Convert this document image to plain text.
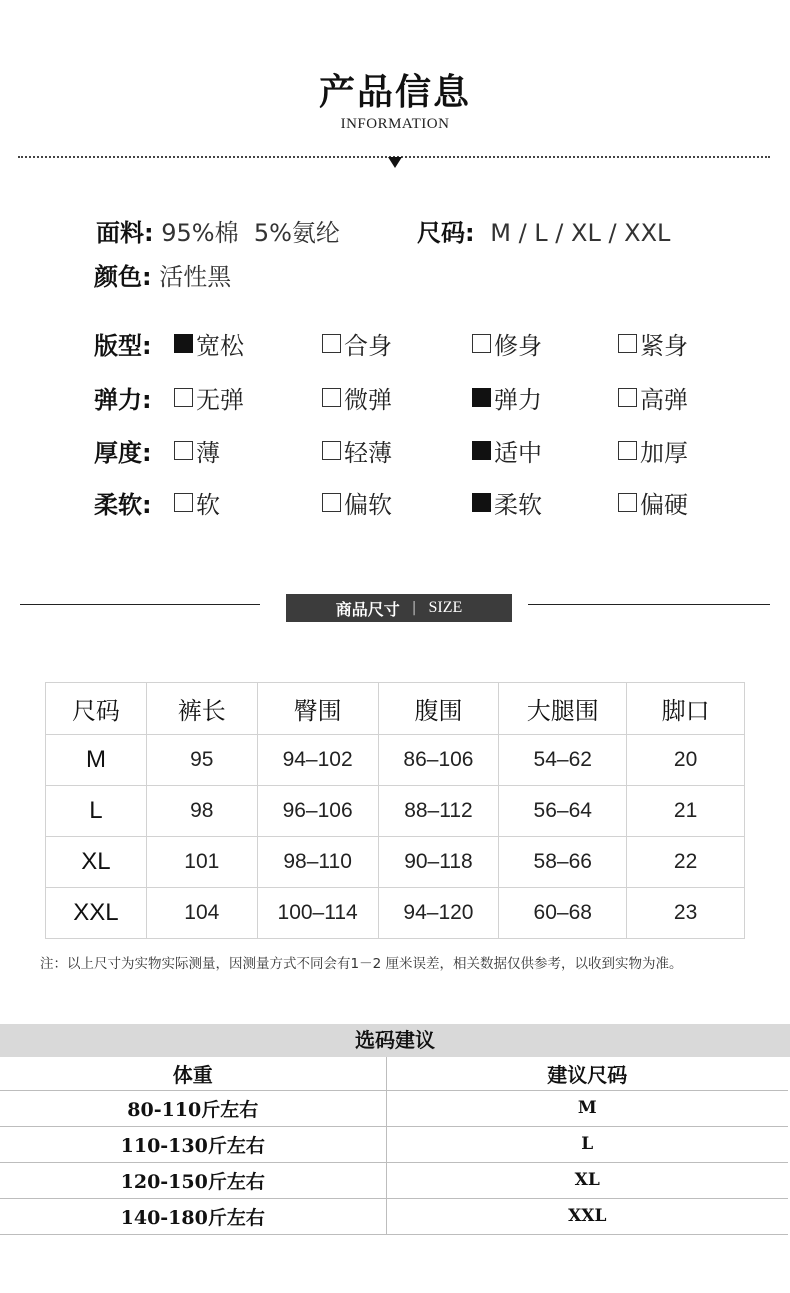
产品信息
INFORMATION
面料: 95%棉  5%氨纶	尺码: M / L / XL / XXL
颜色: 活性黑
版型: 宽松	合身	修身	紧身
弹力: 无弹	微弹	弹力	高弹
厚度: 薄	轻薄	适中	加厚
柔软: 软	偏软	柔软	偏硬
商品尺寸 | SIZE
尺码	裤长	臀围	腹围	大腿围	脚口
M	95	94–102	86–106	54–62	20
L	98	96–106	88–112	56–64	21
XL	101	98–110	90–118	58–66	22
XXL	104	100–114	94–120	60–68	23
注：以上尺寸为实物实际测量，因测量方式不同会有1－2 厘米误差，相关数据仅供参考，以收到实物为准。
选码建议
体重	建议尺码
80-110斤左右	M
110-130斤左右	L
120-150斤左右	XL
140-180斤左右	XXL
